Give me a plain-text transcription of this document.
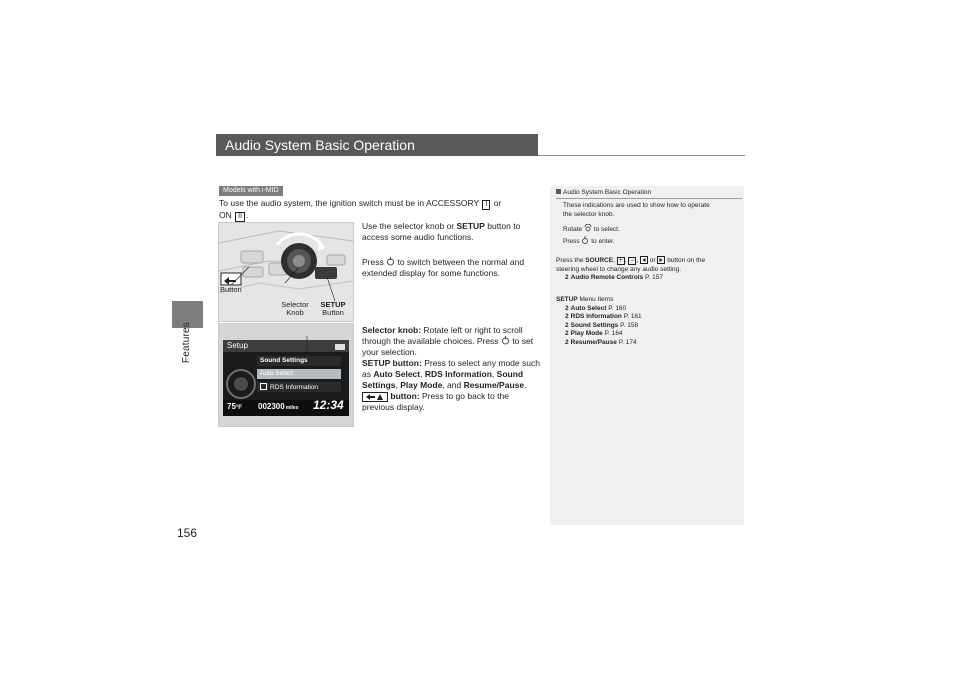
Features
156
Audio System Basic Operation
Models with i-MID
To use the audio system, the ignition switch must be in ACCESSORY I or
ON II .
Button
Selector
Knob
SETUP
Button
Use the selector knob or SETUP button to
access some audio functions.
Press to switch between the normal and
extended display for some functions.
Setup
Sound Settings
Auto Select
RDS Information
75°F 002300miles 12:34
Selector knob: Rotate left or right to scroll
through the available choices. Press to set
your selection.
SETUP button: Press to select any mode such
as Auto Select, RDS Information, Sound
Settings, Play Mode, and Resume/Pause.
button: Press to go back to the
previous display.
Audio System Basic Operation
These indications are used to show how to operate
the selector knob.
Rotate to select.
Press to enter.
Press the SOURCE, + , − ,  or button on the
steering wheel to change any audio setting.
2 Audio Remote Controls P. 157
SETUP Menu Items
2 Auto Select P. 160
2 RDS Information P. 161
2 Sound Settings P. 158
2 Play Mode P. 164
2 Resume/Pause P. 174
